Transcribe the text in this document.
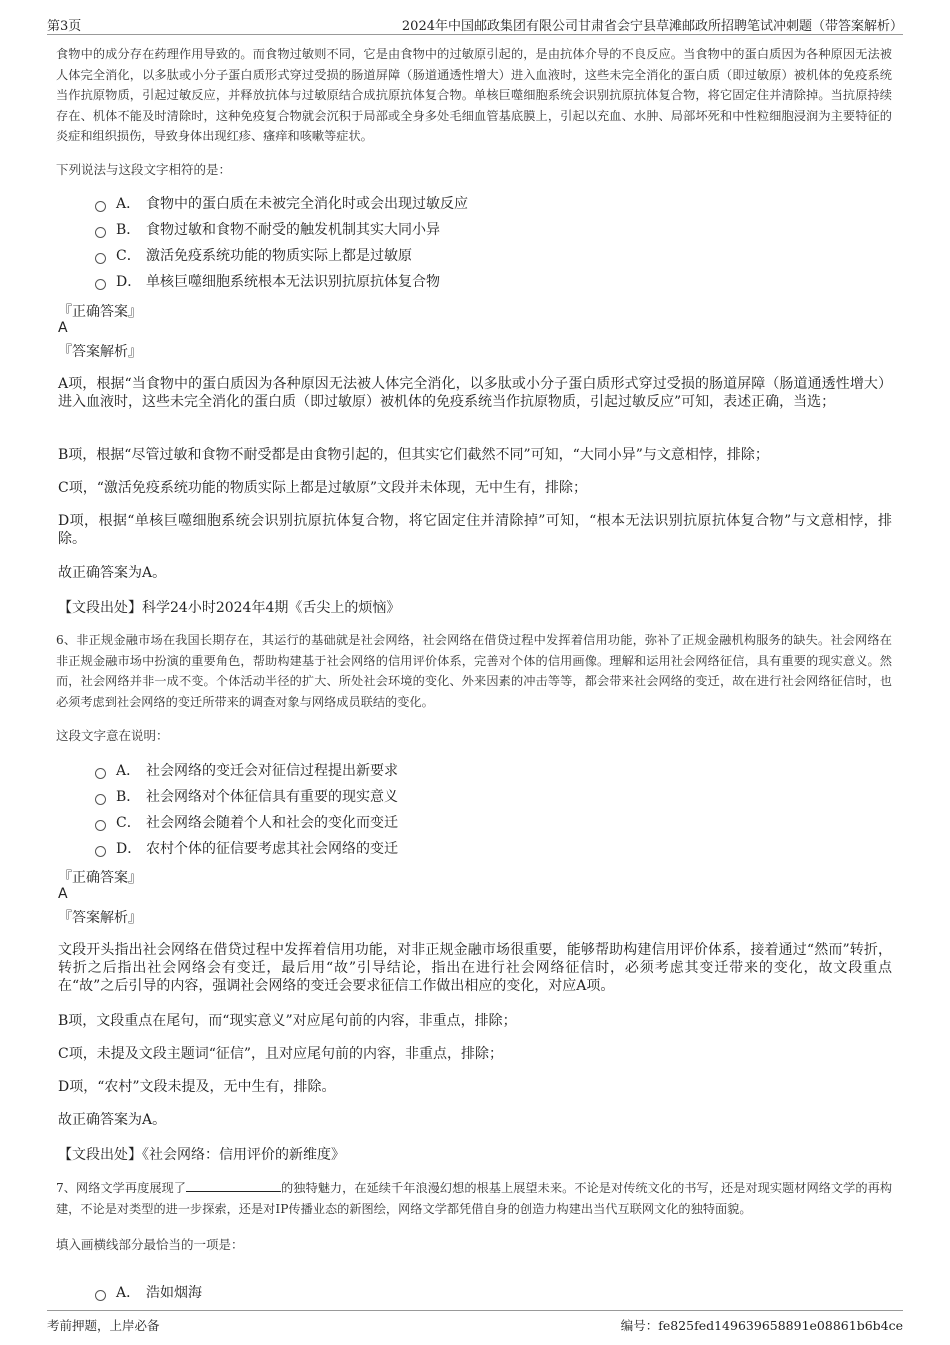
第3页	2024年中国邮政集团有限公司甘肃省会宁县草滩邮政所招聘笔试冲刺题（带答案解析）

食物中的成分存在药理作用导致的。而食物过敏则不同，它是由食物中的过敏原引起的，是由抗体介导的不良反应。当食物中的蛋白质因为各种原因无法被人体完全消化，以多肽或小分子蛋白质形式穿过受损的肠道屏障（肠道通透性增大）进入血液时，这些未完全消化的蛋白质（即过敏原）被机体的免疫系统当作抗原物质，引起过敏反应，并释放抗体与过敏原结合成抗原抗体复合物。单核巨噬细胞系统会识别抗原抗体复合物，将它固定住并清除掉。当抗原持续存在、机体不能及时清除时，这种免疫复合物就会沉积于局部或全身多处毛细血管基底膜上，引起以充血、水肿、局部坏死和中性粒细胞浸润为主要特征的炎症和组织损伤，导致身体出现红疹、瘙痒和咳嗽等症状。

下列说法与这段文字相符的是：
A． 食物中的蛋白质在未被完全消化时或会出现过敏反应
B． 食物过敏和食物不耐受的触发机制其实大同小异
C． 激活免疫系统功能的物质实际上都是过敏原
D． 单核巨噬细胞系统根本无法识别抗原抗体复合物
『正确答案』
A
『答案解析』

A项，根据“当食物中的蛋白质因为各种原因无法被人体完全消化，以多肽或小分子蛋白质形式穿过受损的肠道屏障（肠道通透性增大）进入血液时，这些未完全消化的蛋白质（即过敏原）被机体的免疫系统当作抗原物质，引起过敏反应”可知，表述正确，当选；

B项，根据“尽管过敏和食物不耐受都是由食物引起的，但其实它们截然不同”可知，“大同小异”与文意相悖，排除；

C项，“激活免疫系统功能的物质实际上都是过敏原”文段并未体现，无中生有，排除；

D项，根据“单核巨噬细胞系统会识别抗原抗体复合物，将它固定住并清除掉”可知，“根本无法识别抗原抗体复合物”与文意相悖，排除。

故正确答案为A。

【文段出处】科学24小时2024年4期《舌尖上的烦恼》

6、非正规金融市场在我国长期存在，其运行的基础就是社会网络，社会网络在借贷过程中发挥着信用功能，弥补了正规金融机构服务的缺失。社会网络在非正规金融市场中扮演的重要角色，帮助构建基于社会网络的信用评价体系，完善对个体的信用画像。理解和运用社会网络征信，具有重要的现实意义。然而，社会网络并非一成不变。个体活动半径的扩大、所处社会环境的变化、外来因素的冲击等等，都会带来社会网络的变迁，故在进行社会网络征信时，也必须考虑到社会网络的变迁所带来的调查对象与网络成员联结的变化。

这段文字意在说明：
A． 社会网络的变迁会对征信过程提出新要求
B． 社会网络对个体征信具有重要的现实意义
C． 社会网络会随着个人和社会的变化而变迁
D． 农村个体的征信要考虑其社会网络的变迁
『正确答案』
A
『答案解析』

文段开头指出社会网络在借贷过程中发挥着信用功能，对非正规金融市场很重要，能够帮助构建信用评价体系，接着通过“然而”转折，转折之后指出社会网络会有变迁，最后用“故”引导结论，指出在进行社会网络征信时，必须考虑其变迁带来的变化，故文段重点在“故”之后引导的内容，强调社会网络的变迁会要求征信工作做出相应的变化，对应A项。

B项，文段重点在尾句，而“现实意义”对应尾句前的内容，非重点，排除；

C项，未提及文段主题词“征信”，且对应尾句前的内容，非重点，排除；

D项，“农村”文段未提及，无中生有，排除。

故正确答案为A。

【文段出处】《社会网络：信用评价的新维度》

7、网络文学再度展现了	的独特魅力，在延续千年浪漫幻想的根基上展望未来。不论是对传统文化的书写，还是对现实题材网络文学的再构建，不论是对类型的进一步探索，还是对IP传播业态的新图绘，网络文学都凭借自身的创造力构建出当代互联网文化的独特面貌。

填入画横线部分最恰当的一项是：
A． 浩如烟海
考前押题，上岸必备	编号：fe825fed149639658891e08861b6b4ce
